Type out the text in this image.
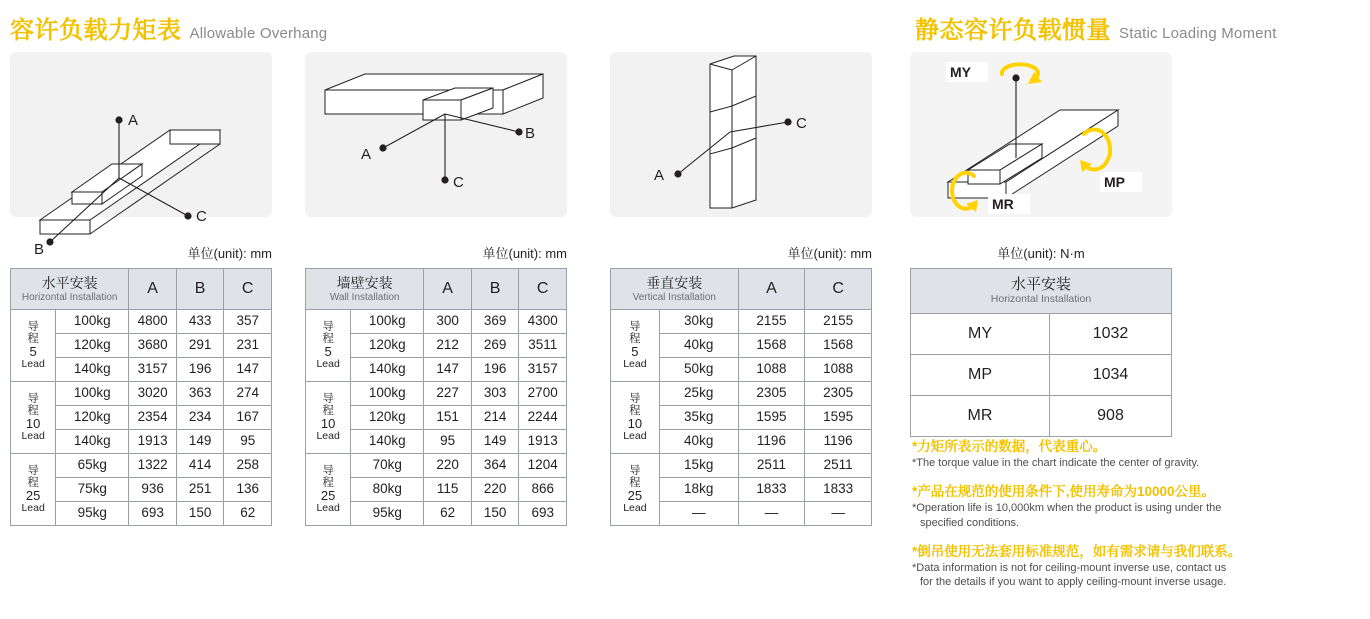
容许负载力矩表 Allowable Overhang	静态容许负载惯量 Static Loading Moment
A
C
B
A
B
C	A
C
MY
MP
MR
单位(unit): mm	单位(unit): mm	单位(unit): mm	单位(unit): N·m
水平安装
Horizontal Installation		A	B	C

导
程
5
Lead	100kg	4800	433	357
	120kg	3680	291	231
	140kg	3157	196	147

导
程
10
Lead	100kg	3020	363	274
	120kg	2354	234	167
	140kg	1913	149	95

导
程
25
Lead	65kg	1322	414	258
	75kg	936	251	136
	95kg	693	150	62
墙壁安装
Wall Installation		A	B	C

导
程
5
Lead	100kg	300	369	4300
	120kg	212	269	3511
	140kg	147	196	3157

导
程
10
Lead	100kg	227	303	2700
	120kg	151	214	2244
	140kg	95	149	1913

导
程
25
Lead	70kg	220	364	1204
	80kg	115	220	866
	95kg	62	150	693
垂直安装
Vertical Installation		A	C

导
程
5
Lead	30kg	2155	2155
	40kg	1568	1568
	50kg	1088	1088

导
程
10
Lead	25kg	2305	2305
	35kg	1595	1595
	40kg	1196	1196

导
程
25
Lead	15kg	2511	2511
	18kg	1833	1833
	—	—	—
水平安装
Horizontal Installation	

MY	1032
MP	1034
MR	908

*力矩所表示的数据，代表重心。

*The torque value in the chart indicate the center of gravity.

*产品在规范的使用条件下,使用寿命为10000公里。

*Operation life is 10,000km when the product is using under the
specified conditions.

*倒吊使用无法套用标准规范，如有需求请与我们联系。

*Data information is not for ceiling-mount inverse use, contact us
for the details if you want to apply ceiling-mount inverse usage.
